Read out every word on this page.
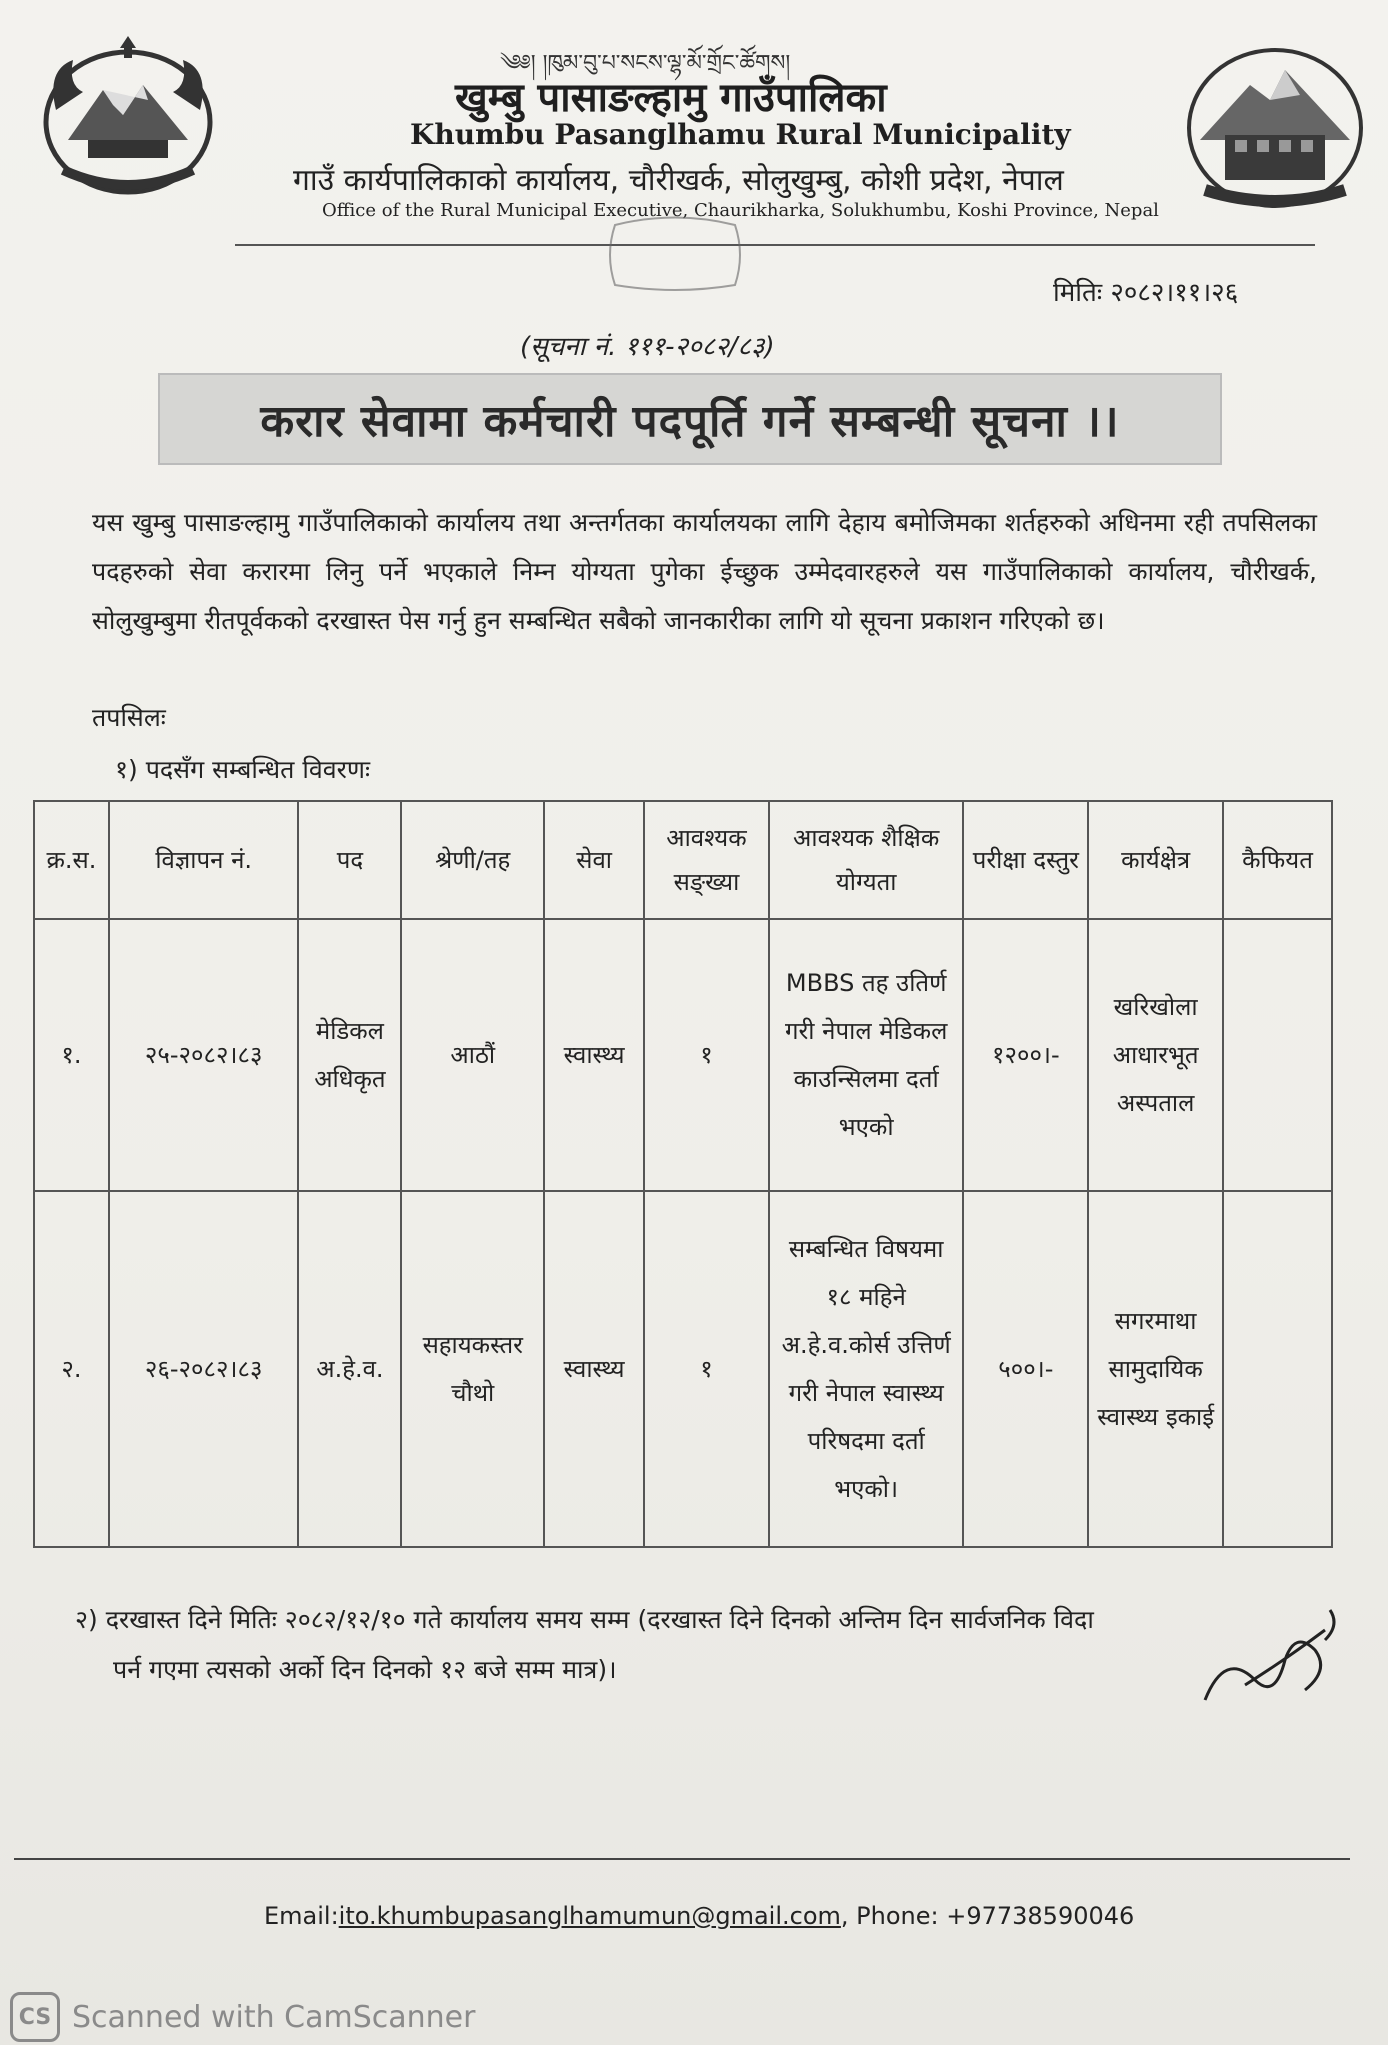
༄༅། །ཁུམ་བུ་པ་སངས་ལྷ་མོ་གྲོང་ཚོགས།
खुम्बु पासाङल्हामु गाउँपालिका
Khumbu Pasanglhamu Rural Municipality
गाउँ कार्यपालिकाको कार्यालय, चौरीखर्क, सोलुखुम्बु, कोशी प्रदेश, नेपाल
Office of the Rural Municipal Executive, Chaurikharka, Solukhumbu, Koshi Province, Nepal
मितिः २०८२।११।२६
(सूचना नं. १११-२०८२/८३)
करार सेवामा कर्मचारी पदपूर्ति गर्ने सम्बन्धी सूचना ।।
यस खुम्बु पासाङल्हामु गाउँपालिकाको कार्यालय तथा अन्तर्गतका कार्यालयका लागि देहाय बमोजिमका शर्तहरुको अधिनमा रही तपसिलका पदहरुको सेवा करारमा लिनु पर्ने भएकाले निम्न योग्यता पुगेका ईच्छुक उम्मेदवारहरुले यस गाउँपालिकाको कार्यालय, चौरीखर्क, सोलुखुम्बुमा रीतपूर्वकको दरखास्त पेस गर्नु हुन सम्बन्धित सबैको जानकारीका लागि यो सूचना प्रकाशन गरिएको छ।
तपसिलः
१) पदसँग सम्बन्धित विवरणः
क्र.स.	विज्ञापन नं.	पद	श्रेणी/तह	सेवा	आवश्यक सङ्ख्या	आवश्यक शैक्षिक योग्यता	परीक्षा दस्तुर	कार्यक्षेत्र	कैफियत
१.	२५-२०८२।८३	मेडिकल अधिकृत	आठौं	स्वास्थ्य	१	MBBS तह उतिर्ण गरी नेपाल मेडिकल काउन्सिलमा दर्ता भएको	१२००।-	खरिखोला आधारभूत अस्पताल	
२.	२६-२०८२।८३	अ.हे.व.	सहायकस्तर चौथो	स्वास्थ्य	१	सम्बन्धित विषयमा १८ महिने अ.हे.व.कोर्स उत्तिर्ण गरी नेपाल स्वास्थ्य परिषदमा दर्ता भएको।	५००।-	सगरमाथा सामुदायिक स्वास्थ्य इकाई	
२) दरखास्त दिने मितिः २०८२/१२/१० गते कार्यालय समय सम्म (दरखास्त दिने दिनको अन्तिम दिन सार्वजनिक विदा
पर्न गएमा त्यसको अर्को दिन दिनको १२ बजे सम्म मात्र)।
Email:ito.khumbupasanglhamumun@gmail.com, Phone: +97738590046
CS Scanned with CamScanner
